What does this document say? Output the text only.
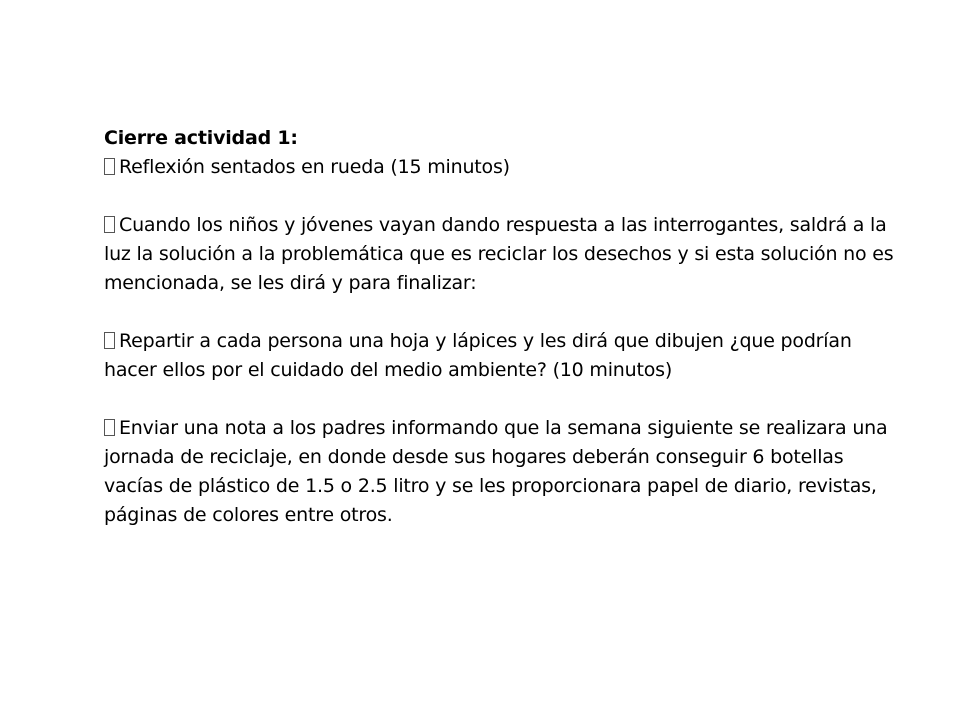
Cierre actividad 1:

Reflexión sentados en rueda (15 minutos)

Cuando los niños y jóvenes vayan dando respuesta a las interrogantes, saldrá a la luz la solución a la problemática que es reciclar los desechos y si esta solución no es mencionada, se les dirá y para finalizar:

Repartir a cada persona una hoja y lápices y les dirá que dibujen ¿que podrían hacer ellos por el cuidado del medio ambiente? (10 minutos)

Enviar una nota a los padres informando que la semana siguiente se realizara una jornada de reciclaje, en donde desde sus hogares deberán conseguir 6 botellas vacías de plástico de 1.5 o 2.5 litro y se les proporcionara papel de diario, revistas, páginas de colores entre otros.
